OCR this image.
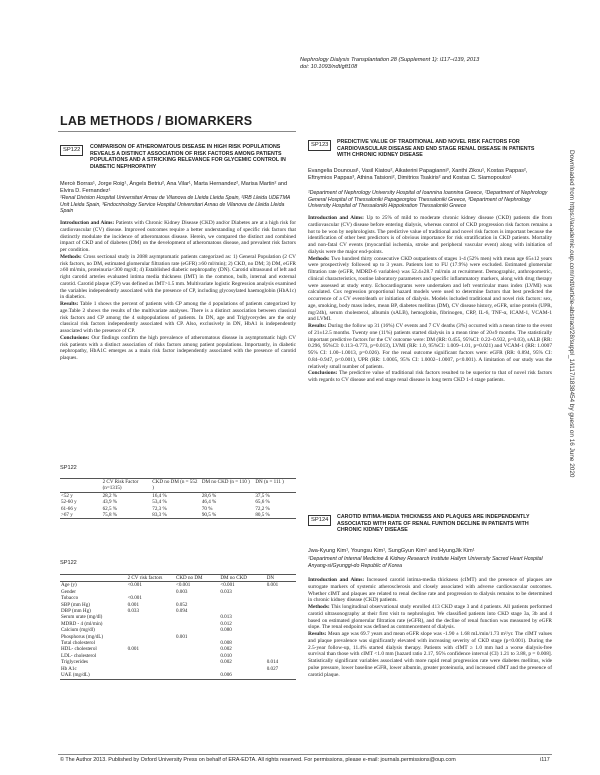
Nephrology Dialysis Transplantation 28 (Supplement 1): i117–i139, 2013
doi: 10.1093/ndt/gft108
LAB METHODS / BIOMARKERS
SP122	COMPARISON OF ATHEROMATOUS DISEASE IN HIGH RISK POPULATIONS REVEALS A DISTINCT ASSOCIATION OF RISK FACTORS AMONG PATIENTS POPULATIONS AND A STRICKING RELEVANCE FOR GLYCEMIC CONTROL IN DIABETIC NEPHROPATHY
Mercè Borras¹, Jorge Roig¹, Àngels Betriu², Ana Vilar¹, Marta Hernandez², Marisa Martin² and Elvira D. Fernandez¹
¹Renal Division Hospital Universitari Arnau de Vilanova de Lleida Lleida Spain, ²IRB Lleida UDETMA Unit Lleida Spain, ³Endocrinology Service Hospital Universitari Arnau de Vilanova de Lleida Lleida Spain

Introduction and Aims: Patients with Chronic Kidney Disease (CKD) and/or Diabetes are at a high risk for cardiovascular (CV) disease. Improved outcomes require a better understanding of specific risk factors that distinctly modulate the incidence of atheromatous disease. Herein, we compared the distinct and combined impact of CKD and of diabetes (DM) on the development of atheromatous disease, and prevalent risk factors per condition.

Methods: Cross sectional study in 2088 asymptomatic patients categorized as: 1) General Population (2 CV risk factors, no DM, estimated glomerular filtration rate (eGFR) ≥60 ml/min); 2) CKD, no DM; 3) DM, eGFR ≥60 ml/min, proteinuria<300 mg/dl; 4) Established diabetic nephropathy (DN). Carotid ultrasound of left and right carotid arteries evaluated intima media thickness (IMT) in the common, bulb, internal and external carotid. Carotid plaque (CP) was defined as IMT>1.5 mm. Multivariate logistic Regression analysis examined the variables independently associated with the presence of CP, including glycosylated haemoglobin (HbA1c) in diabetics.

Results: Table 1 shows the percent of patients with CP among the 4 populations of patients categorized by age.Table 2 shows the results of the multivariate analyses. There is a distinct association between classical risk factors and CP among the 4 subpopulations of patients. In DN, age and Triglycerydes are the only classical risk factors independently associated with CP. Also, exclusively in DN, HbA1 is independently associated with the presence of CP.

Conclusions: Our findings confirm the high prevalence of atheromatous disease in asymptomatic high CV risk patients with a distinct association of risks factors among patient populations. Importantly, in diabetic nephropathy, HbA1C emerges as a main risk factor independently associated with the presence of carotid plaques.

SP122
	2 CV Risk Factor (n=1315)	CKD no DM (n = 552 )	DM no CKD (n = 110 )	DN (n = 111 )
<52 y	28,2 %	16,4 %	28,6 %	37,5 %
52-60 y	43,9 %	53,4 %	46,4 %	65,6 %
61-66 y	62,5 %	72,3 %	70 %	72,2 %
>67 y	75,8 %	83,3 %	90,5 %	80,5 %
SP122
	2 CV risk factors	CKD no DM	DM no CKD	DN
Age (y)	<0.001	<0.001	<0.001	0.001
Gender		0.003	0.033	
Tobacco	<0.001			
SBP (mm Hg)	0.001	0.052		
DBP (mm Hg)	0.033	0.094		
Serum urate (mg/dl)			0.013	
MDRD - 4 (ml/min)			0.012	
Calcium (mg/dl)			0.080	
Phosphorus (mg/dL)		0.001		
Total cholesterol			0.008	
HDL- cholesterol	0.001		0.002	
LDL- cholesterol			0.010	
Triglycerides			0.002	0.014
Hb A1c				0.027
UAE (mg/dL)			0.006	
SP123	PREDICTIVE VALUE OF TRADITIONAL AND NOVEL RISK FACTORS FOR CARDIOVASCULAR DISEASE AND END STAGE RENAL DISEASE IN PATIENTS WITH CHRONIC KIDNEY DISEASE
Evangelia Dounousi¹, Vasil Kiatou², Aikaterini Papagianni³, Xanthi Zikou¹, Kostas Pappas², Eftnymios Pappas³, Athina Tatsioni², Dimitrios Tsakiris² and Kostas C. Siamopoulos¹
¹Department of Nephrology University Hospital of Ioannina Ioannina Greece, ²Department of Nephrology General Hospital of Thessaloniki Papageorgiou Thessaloniki Greece, ³Department of Nephrology University Hospital of Thessaloniki Hippokration Thessaloniki Greece

Introduction and Aims: Up to 25% of mild to moderate chronic kidney disease (CKD) patients die from cardiovascular (CV) disease before entering dialysis, whereas control of CKD progression risk factors remains a hot to be won by nephrologists. The predictive value of traditional and novel risk factors is important because the identification of other best predictors is of obvious importance for risk stratification in CKD patients. Mortality and non-fatal CV events (myocardial ischemia, stroke and peripheral vascular event) along with initiation of dialysis were the major end-points.

Methods: Two hundred thirty consecutive CKD outpatients of stages 1-4 (52% men) with mean age 65±12 years were prospectively followed up to 3 years. Patients lost to FU (17.9%) were excluded. Estimated glomerular filtration rate (eGFR, MDRD-6 variables) was 52.4±28.7 ml/min at recruitment. Demographic, anthropometric, clinical characteristics, routine laboratory parameters and specific inflammatory markers, along with drug therapy were assessed at study entry. Echocardiograms were undertaken and left ventricular mass index (LVMI) was calculated. Cox regression proportional hazard models were used to determine factors that best predicted the occurrence of a CV event/death or initiation of dialysis. Models included traditional and novel risk factors: sex, age, smoking, body mass index, mean BP, diabetes mellitus (DM), CV disease history, eGFR, urine protein (UPR, mg/24h), serum cholesterol, albumin (sALB), hemoglobin, fibrinogen, CRP, IL-6, TNF-α, ICAM-1, VCAM-1 and LVMI.

Results: During the follow up 31 (16%) CV events and 7 CV deaths (3%) occurred with a mean time to the event of 21±12.5 months. Twenty one (11%) patients started dialysis in a mean time of 20±9 months. The statistically important predictive factors for the CV outcome were: DM (RR: 0.455, 95%CI: 0.22–0.932, p=0.03), sALB (RR: 0.296, 95%CI: 0.113–0.773, p=0.013), LVMI (RR: 1.0, 95%CI: 1.009–1.01, p=0.021) and VCAM-1 (RR: 1.0007 95% CI: 1.00–1.0013, p=0.026). For the renal outcome significant factors were: eGFR (RR: 0.894, 95% CI: 0.84–0.947, p<0.001), UPR (RR: 1.0005, 95% CI: 1.0002–1.0007, p<0.001). A limitation of our study was the relatively small number of patients.

Conclusions: The predictive value of traditional risk factors resulted to be superior to that of novel risk factors with regards to CV disease and end stage renal disease in long term CKD 1-4 stage patients.

SP124	CAROTID INTIMA-MEDIA THICKNESS AND PLAQUES ARE INDEPENDENTLY ASSOCIATED WITH RATE OF RENAL FUNTION DECLINE IN PATIENTS WITH CHRONIC KIDNEY DISEASE
Jwa-Kyung Kim¹, Youngsu Kim¹, SungGyun Kim¹ and HyungJik Kim¹
¹Department of Internal Medicine & Kidney Research Institute Hallym University Sacred Heart Hospital Anyang-si/Gyunggi-do Republic of Korea

Introduction and Aims: Increased carotid intima-media thickness (cIMT) and the presence of plaques are surrogate markers of systemic atherosclerosis and closely associated with adverse cardiovascular outcomes. Whether cIMT and plaques are related to renal decline rate and progression to dialysis remains to be determined in chronic kidney disease (CKD) patients.

Methods: This longitudinal observational study enrolled 413 CKD stage 3 and 4 patients. All patients performed carotid ultrasonography at their first visit to nephrologist. We classified patients into CKD stage 3a, 3b and 4 based on estimated glomerular filtration rate (eGFR), and the decline of renal function was measured by eGFR slope. The renal endpoint was defined as commencement of dialysis.

Results: Mean age was 69.7 years and mean eGFR slope was -1.90 ± 1.68 mL/min/1.73 m²/yr. The cIMT values and plaque prevalence was significantly elevated with increasing severity of CKD stage (p<0.001). During the 2.5-year follow-up, 11.4% started dialysis therapy. Patients with cIMT ≥ 1.0 mm had a worse dialysis-free survival than those with cIMT <1.0 mm [hazard ratio 2.17, 95% confidence interval (CI) 1.21 to 3.88, p = 0.008]. Statistically significant variables associated with more rapid renal progression rate were diabetes mellitus, wide pulse pressure, lower baseline eGFR, lower albumin, greater proteinuria, and increased cIMT and the presence of carotid plaque.

Downloaded from https://academic.oup.com/ndt/article-abstract/28/suppl_1/i117/1838454 by guest on 16 June 2020
© The Author 2013. Published by Oxford University Press on behalf of ERA-EDTA. All rights reserved. For permissions, please e-mail: journals.permissions@oup.com	i117
